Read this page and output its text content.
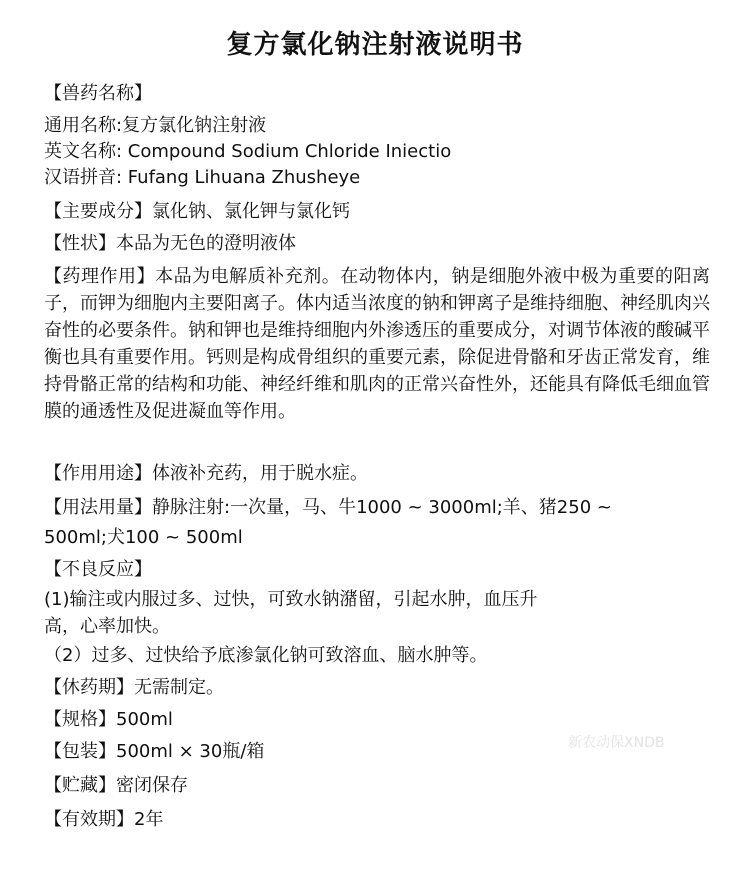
复方氯化钠注射液说明书
【兽药名称】
通用名称:复方氯化钠注射液
英文名称: Compound Sodium Chloride Iniectio
汉语拼音: Fufang Lihuana Zhusheye
【主要成分】氯化钠、氯化钾与氯化钙
【性状】本品为无色的澄明液体
【药理作用】本品为电解质补充剂。在动物体内，钠是细胞外液中极为重要的阳离子，而钾为细胞内主要阳离子。体内适当浓度的钠和钾离子是维持细胞、神经肌肉兴奋性的必要条件。钠和钾也是维持细胞内外渗透压的重要成分，对调节体液的酸碱平衡也具有重要作用。钙则是构成骨组织的重要元素，除促进骨骼和牙齿正常发育，维持骨骼正常的结构和功能、神经纤维和肌肉的正常兴奋性外，还能具有降低毛细血管膜的通透性及促进凝血等作用。
【作用用途】体液补充药，用于脱水症。
【用法用量】静脉注射:一次量，马、牛1000 ~ 3000ml;羊、猪250 ~
500ml;犬100 ~ 500ml
【不良反应】
(1)输注或内服过多、过快，可致水钠潴留，引起水肿，血压升
高，心率加快。
（2）过多、过快给予底渗氯化钠可致溶血、脑水肿等。
【休药期】无需制定。
【规格】500ml
【包装】500ml × 30瓶/箱
【贮藏】密闭保存
【有效期】2年
新农动保XNDB
